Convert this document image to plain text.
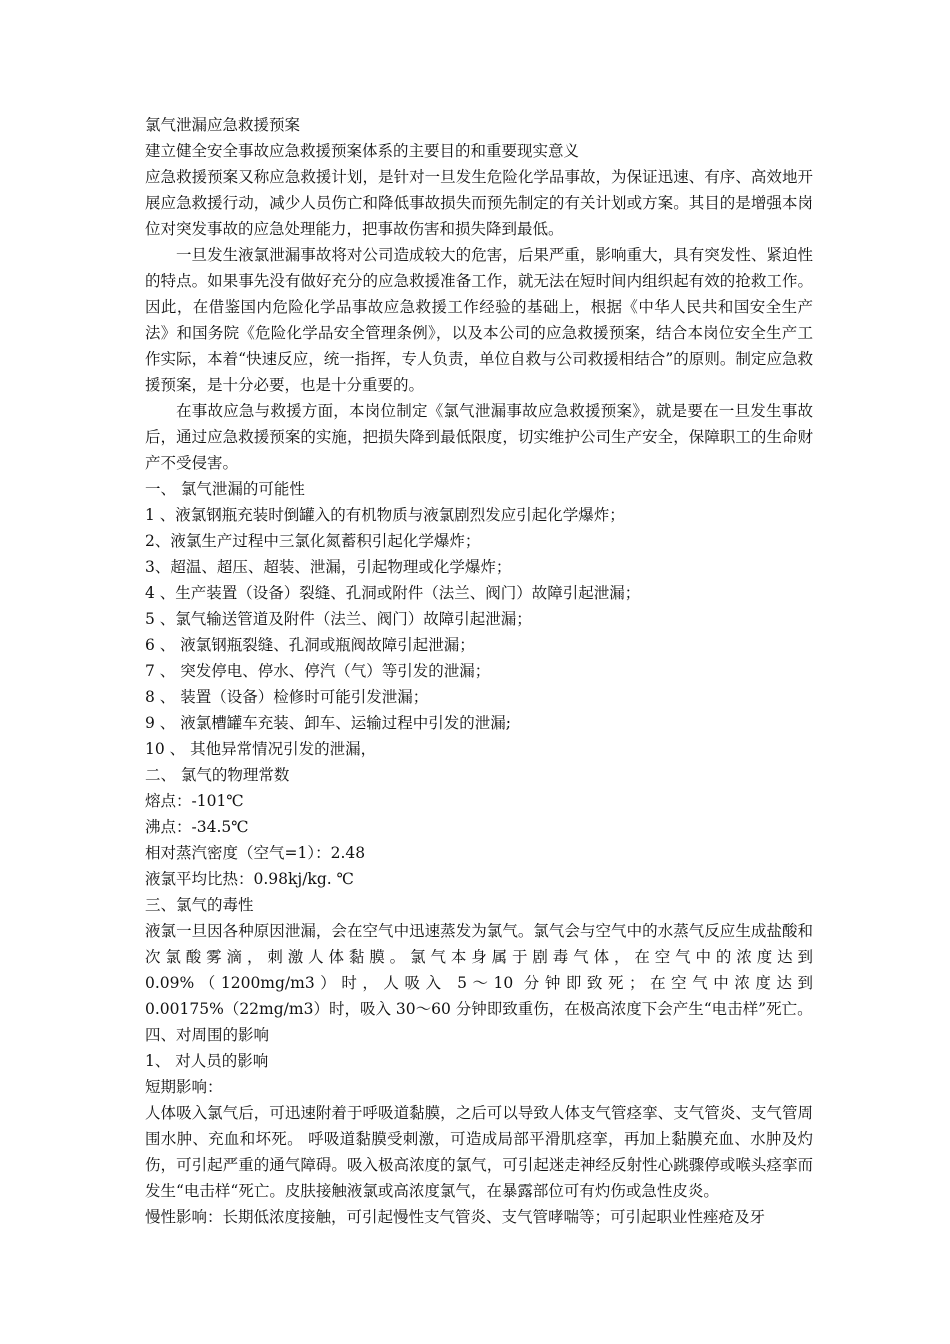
氯气泄漏应急救援预案
建立健全安全事故应急救援预案体系的主要目的和重要现实意义
应急救援预案又称应急救援计划，是针对一旦发生危险化学品事故，为保证迅速、有序、高效地开展应急救援行动，减少人员伤亡和降低事故损失而预先制定的有关计划或方案。其目的是增强本岗位对突发事故的应急处理能力，把事故伤害和损失降到最低。
一旦发生液氯泄漏事故将对公司造成较大的危害，后果严重，影响重大，具有突发性、紧迫性的特点。如果事先没有做好充分的应急救援准备工作，就无法在短时间内组织起有效的抢救工作。因此，在借鉴国内危险化学品事故应急救援工作经验的基础上，根据《中华人民共和国安全生产法》和国务院《危险化学品安全管理条例》，以及本公司的应急救援预案，结合本岗位安全生产工作实际，本着“快速反应，统一指挥，专人负责，单位自救与公司救援相结合”的原则。制定应急救援预案，是十分必要，也是十分重要的。
在事故应急与救援方面，本岗位制定《氯气泄漏事故应急救援预案》，就是要在一旦发生事故后，通过应急救援预案的实施，把损失降到最低限度，切实维护公司生产安全，保障职工的生命财产不受侵害。
一、 氯气泄漏的可能性
1 、液氯钢瓶充装时倒罐入的有机物质与液氯剧烈发应引起化学爆炸；
2、液氯生产过程中三氯化氮蓄积引起化学爆炸；
3、超温、超压、超装、泄漏，引起物理或化学爆炸；
4 、生产装置（设备）裂缝、孔洞或附件（法兰、阀门）故障引起泄漏；
5 、氯气输送管道及附件（法兰、阀门）故障引起泄漏；
6 、 液氯钢瓶裂缝、孔洞或瓶阀故障引起泄漏；
7 、 突发停电、停水、停汽（气）等引发的泄漏；
8 、 装置（设备）检修时可能引发泄漏；
9 、 液氯槽罐车充装、卸车、运输过程中引发的泄漏;
10 、 其他异常情况引发的泄漏，
二、 氯气的物理常数
熔点：-101℃
沸点：-34.5℃
相对蒸汽密度（空气=1）：2.48
液氯平均比热：0.98kj/kg. ℃
三、氯气的毒性
液氯一旦因各种原因泄漏，会在空气中迅速蒸发为氯气。氯气会与空气中的水蒸气反应生成盐酸和次氯酸雾滴，刺激人体黏膜。氯气本身属于剧毒气体，在空气中的浓度达到 0.09%（1200mg/m3）时，人吸入 5～10 分钟即致死；在空气中浓度达到 0.00175%（22mg/m3）时，吸入 30～60 分钟即致重伤，在极高浓度下会产生“电击样”死亡。
四、对周围的影响
1、 对人员的影响
短期影响：
人体吸入氯气后，可迅速附着于呼吸道黏膜，之后可以导致人体支气管痉挛、支气管炎、支气管周围水肿、充血和坏死。 呼吸道黏膜受刺激，可造成局部平滑肌痉挛，再加上黏膜充血、水肿及灼伤，可引起严重的通气障碍。吸入极高浓度的氯气，可引起迷走神经反射性心跳骤停或喉头痉挛而发生“电击样“死亡。皮肤接触液氯或高浓度氯气，在暴露部位可有灼伤或急性皮炎。
慢性影响：长期低浓度接触，可引起慢性支气管炎、支气管哮喘等；可引起职业性痤疮及牙
